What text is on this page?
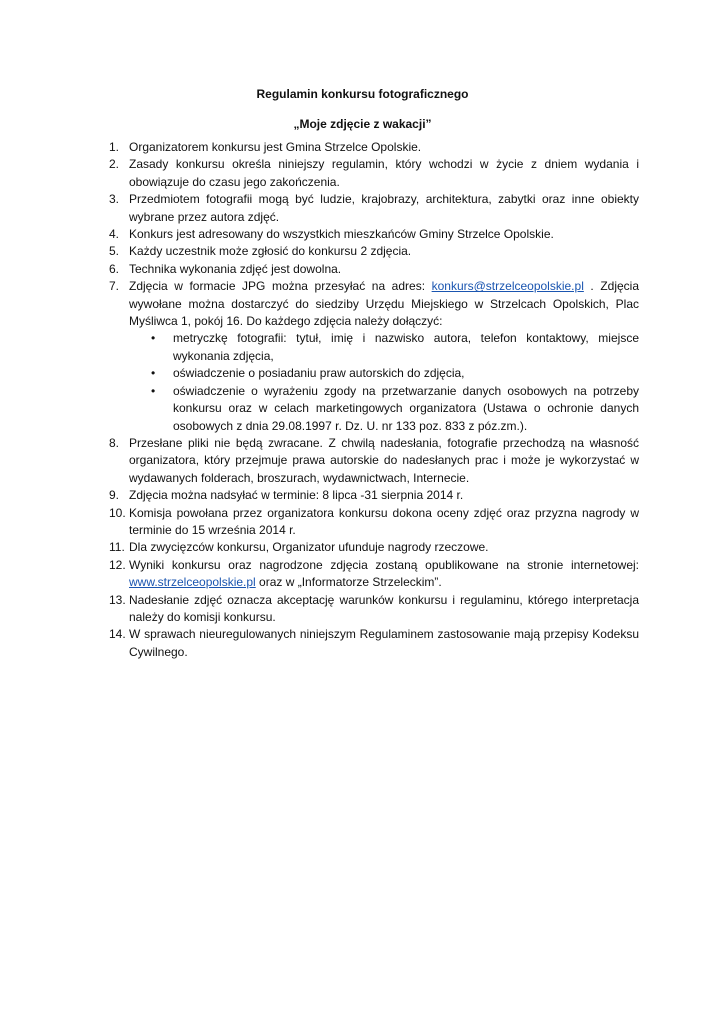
Regulamin konkursu fotograficznego
„Moje zdjęcie z wakacji”
1. Organizatorem konkursu jest Gmina Strzelce Opolskie.
2. Zasady konkursu określa niniejszy regulamin, który wchodzi w życie z dniem wydania i obowiązuje do czasu jego zakończenia.
3. Przedmiotem fotografii mogą być ludzie, krajobrazy, architektura, zabytki oraz inne obiekty wybrane przez autora zdjęć.
4. Konkurs jest adresowany do wszystkich mieszkańców Gminy Strzelce Opolskie.
5. Każdy uczestnik może zgłosić do konkursu 2 zdjęcia.
6. Technika wykonania zdjęć jest dowolna.
7. Zdjęcia w formacie JPG można przesyłać na adres: konkurs@strzelceopolskie.pl . Zdjęcia wywołane można dostarczyć do siedziby Urzędu Miejskiego w Strzelcach Opolskich, Plac Myśliwca 1, pokój 16. Do każdego zdjęcia należy dołączyć:
• metryczkę fotografii: tytuł, imię i nazwisko autora, telefon kontaktowy, miejsce wykonania zdjęcia,
• oświadczenie o posiadaniu praw autorskich do zdjęcia,
• oświadczenie o wyrażeniu zgody na przetwarzanie danych osobowych na potrzeby konkursu oraz w celach marketingowych organizatora (Ustawa o ochronie danych osobowych z dnia 29.08.1997 r. Dz. U. nr 133 poz. 833 z póz.zm.).
8. Przesłane pliki nie będą zwracane. Z chwilą nadesłania, fotografie przechodzą na własność organizatora, który przejmuje prawa autorskie do nadesłanych prac i może je wykorzystać w wydawanych folderach, broszurach, wydawnictwach, Internecie.
9. Zdjęcia można nadsyłać w terminie: 8 lipca -31 sierpnia 2014 r.
10. Komisja powołana przez organizatora konkursu dokona oceny zdjęć oraz przyzna nagrody w terminie do 15 września 2014 r.
11. Dla zwycięzców konkursu, Organizator ufunduje nagrody rzeczowe.
12. Wyniki konkursu oraz nagrodzone zdjęcia zostaną opublikowane na stronie internetowej: www.strzelceopolskie.pl oraz w „Informatorze Strzeleckim”.
13. Nadesłanie zdjęć oznacza akceptację warunków konkursu i regulaminu, którego interpretacja należy do komisji konkursu.
14. W sprawach nieuregulowanych niniejszym Regulaminem zastosowanie mają przepisy Kodeksu Cywilnego.
